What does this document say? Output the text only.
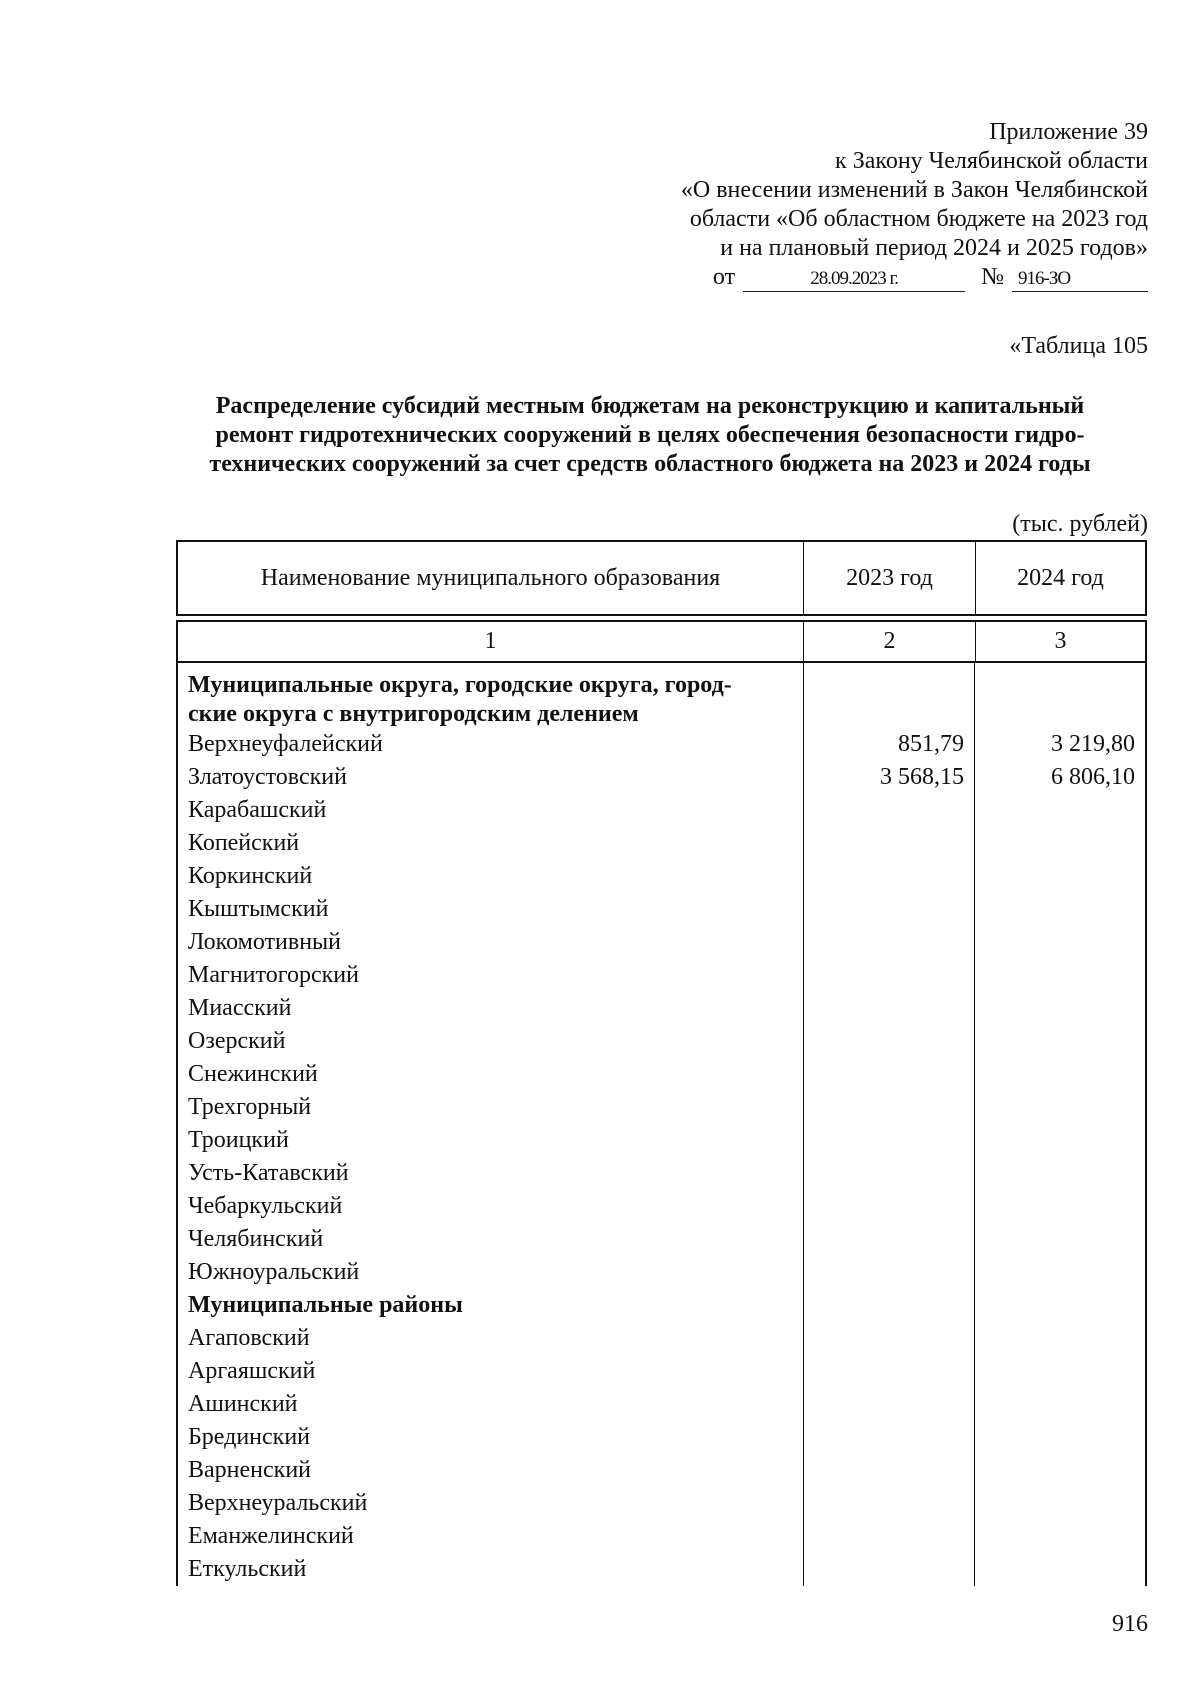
Приложение 39
к Закону Челябинской области
«О внесении изменений в Закон Челябинской
области «Об областном бюджете на 2023 год
и на плановый период 2024 и 2025 годов»
от	28.09.2023 г.	№ 916-ЗО
«Таблица 105
Распределение субсидий местным бюджетам на реконструкцию и капитальный
ремонт гидротехнических сооружений в целях обеспечения безопасности гидро-
технических сооружений за счет средств областного бюджета на 2023 и 2024 годы
(тыс. рублей)
Наименование муниципального образования	2023 год	2024 год
1	2	3
Муниципальные округа, городские округа, город-
ские округа с внутригородским делением
Верхнеуфалейский	851,79	3 219,80
Златоустовский	3 568,15	6 806,10
Карабашский
Копейский
Коркинский
Кыштымский
Локомотивный
Магнитогорский
Миасский
Озерский
Снежинский
Трехгорный
Троицкий
Усть-Катавский
Чебаркульский
Челябинский
Южноуральский
Муниципальные районы
Агаповский
Аргаяшский
Ашинский
Брединский
Варненский
Верхнеуральский
Еманжелинский
Еткульский
916
